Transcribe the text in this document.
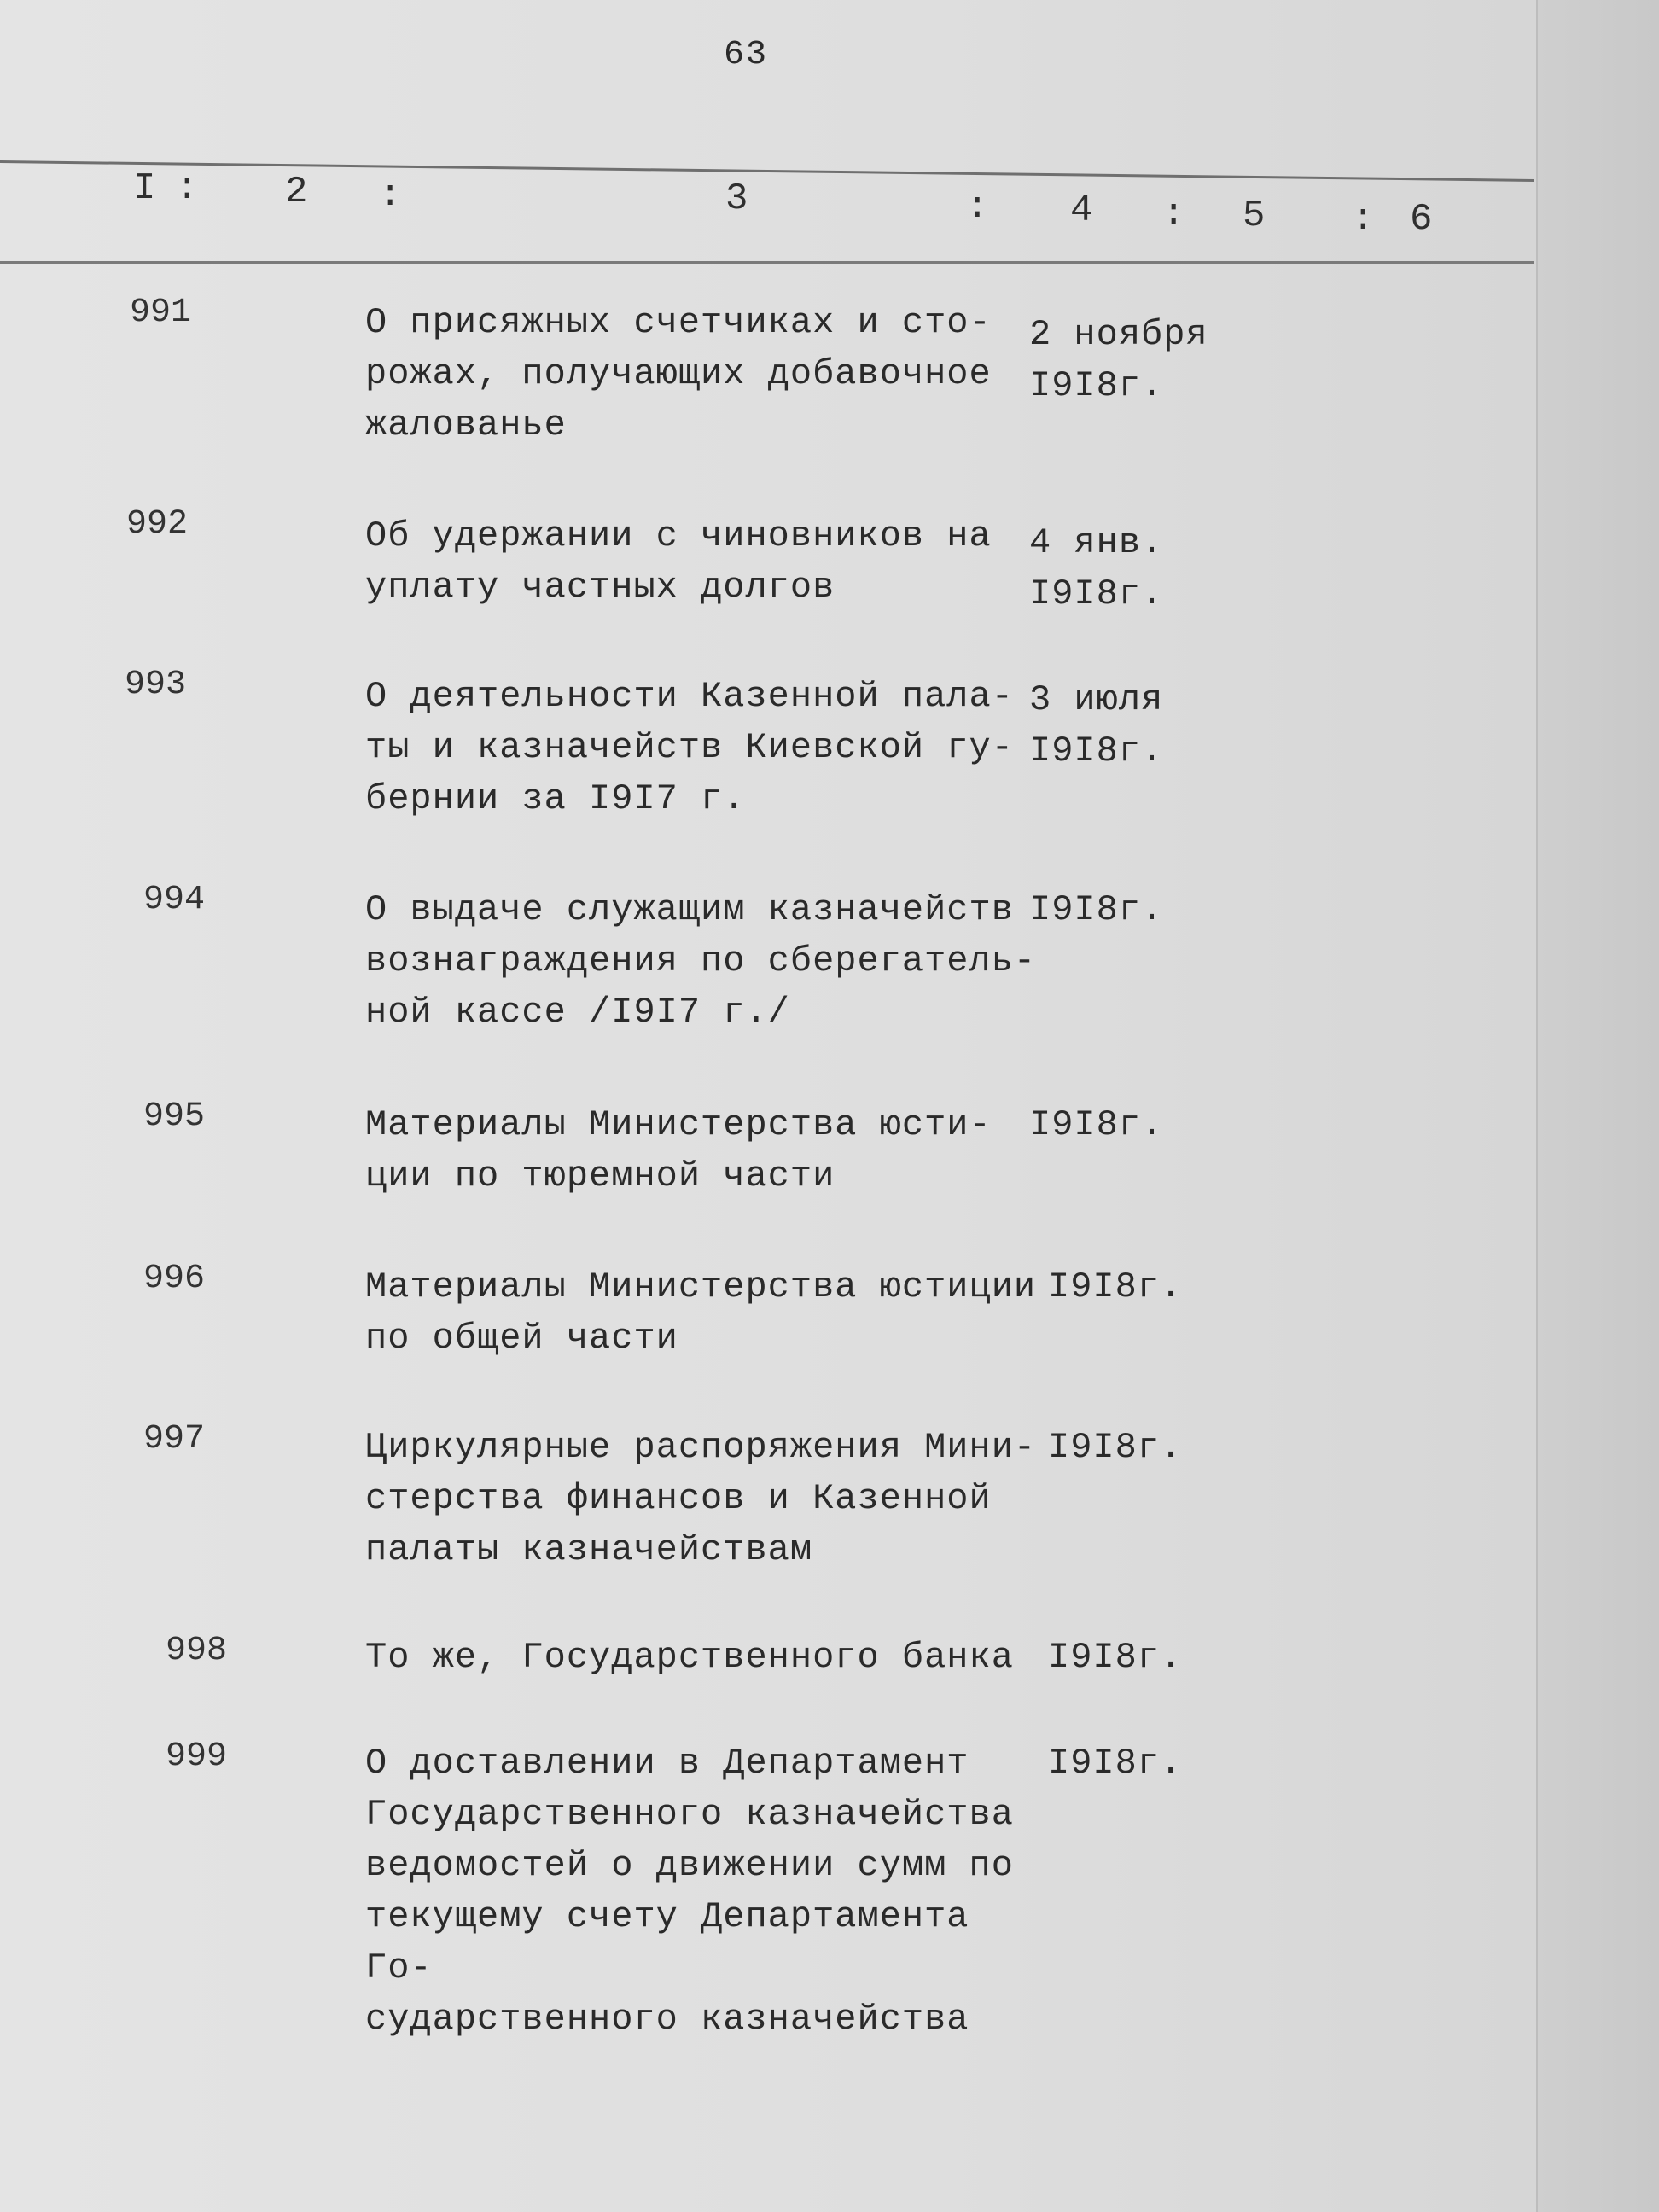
63
I : 2 :	3	: 4 : 5 : 6
991	О присяжных счетчиках и сто-
рожах, получающих добавочное
жалованье
2 ноября
I9I8г.
992	Об удержании с чиновников на
уплату частных долгов
4 янв.
I9I8г.
993	О деятельности Казенной пала-
ты и казначейств Киевской гу-
бернии за I9I7 г.
3 июля
I9I8г.
994	О выдаче служащим казначейств
вознаграждения по сберегатель-
ной кассе /I9I7 г./
I9I8г.
995	Материалы Министерства юсти-
ции по тюремной части
I9I8г.
996	Материалы Министерства юстиции
по общей части
I9I8г.
997	Циркулярные распоряжения Мини-
стерства финансов и Казенной
палаты казначействам
I9I8г.
998	То же, Государственного банка I9I8г.
999	О доставлении в Департамент
Государственного казначейства
ведомостей о движении сумм по
текущему счету Департамента Го-
сударственного казначейства
I9I8г.
